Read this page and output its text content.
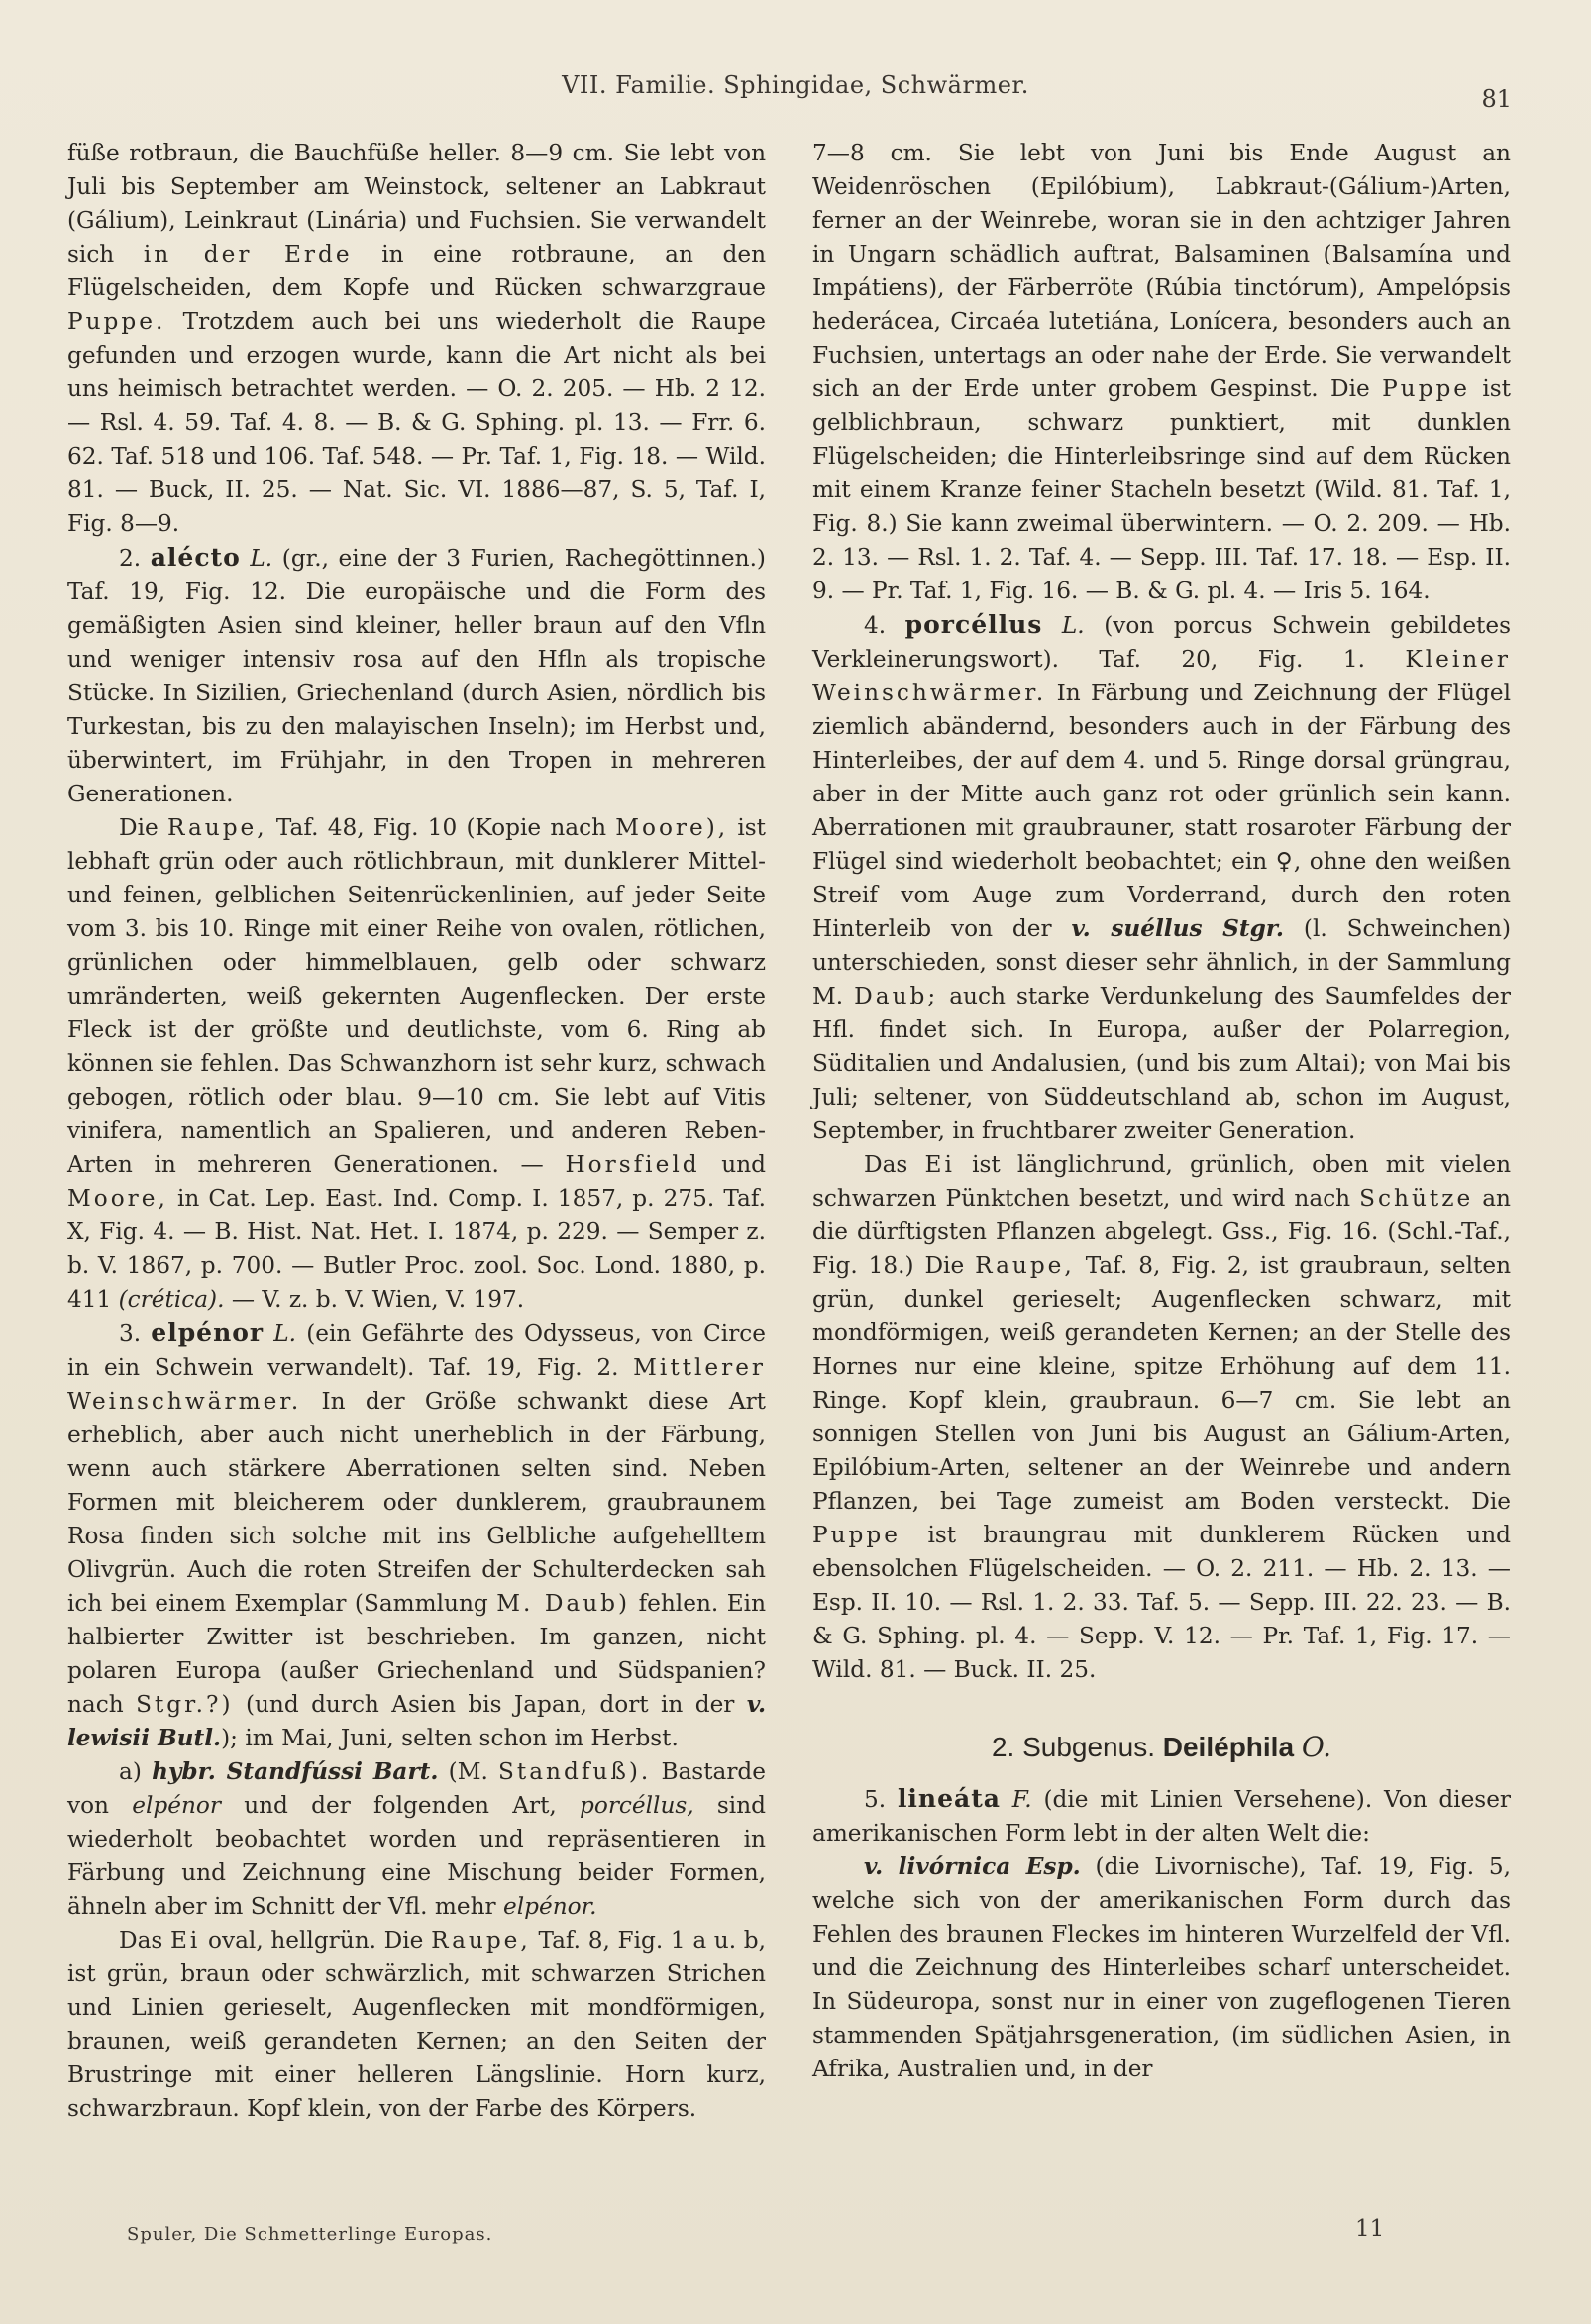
VII. Familie. Sphingidae, Schwärmer.	81

füße rotbraun, die Bauchfüße heller. 8—9 cm. Sie lebt von Juli bis September am Weinstock, seltener an Labkraut (Gálium), Leinkraut (Linária) und Fuchsien. Sie verwandelt sich in der Erde in eine rotbraune, an den Flügelscheiden, dem Kopfe und Rücken schwarzgraue Puppe. Trotzdem auch bei uns wiederholt die Raupe gefunden und erzogen wurde, kann die Art nicht als bei uns heimisch betrachtet werden. — O. 2. 205. — Hb. 2 12. — Rsl. 4. 59. Taf. 4. 8. — B. & G. Sphing. pl. 13. — Frr. 6. 62. Taf. 518 und 106. Taf. 548. — Pr. Taf. 1, Fig. 18. — Wild. 81. — Buck, II. 25. — Nat. Sic. VI. 1886—87, S. 5, Taf. I, Fig. 8—9.

2. alécto L. (gr., eine der 3 Furien, Rachegöttinnen.) Taf. 19, Fig. 12. Die europäische und die Form des gemäßigten Asien sind kleiner, heller braun auf den Vfln und weniger intensiv rosa auf den Hfln als tropische Stücke. In Sizilien, Griechenland (durch Asien, nördlich bis Turkestan, bis zu den malayischen Inseln); im Herbst und, überwintert, im Frühjahr, in den Tropen in mehreren Generationen.

Die Raupe, Taf. 48, Fig. 10 (Kopie nach Moore), ist lebhaft grün oder auch rötlichbraun, mit dunklerer Mittel- und feinen, gelblichen Seitenrückenlinien, auf jeder Seite vom 3. bis 10. Ringe mit einer Reihe von ovalen, rötlichen, grünlichen oder himmelblauen, gelb oder schwarz umränderten, weiß gekernten Augenflecken. Der erste Fleck ist der größte und deutlichste, vom 6. Ring ab können sie fehlen. Das Schwanzhorn ist sehr kurz, schwach gebogen, rötlich oder blau. 9—10 cm. Sie lebt auf Vitis vinifera, namentlich an Spalieren, und anderen Reben-Arten in mehreren Generationen. — Horsfield und Moore, in Cat. Lep. East. Ind. Comp. I. 1857, p. 275. Taf. X, Fig. 4. — B. Hist. Nat. Het. I. 1874, p. 229. — Semper z. b. V. 1867, p. 700. — Butler Proc. zool. Soc. Lond. 1880, p. 411 (crética). — V. z. b. V. Wien, V. 197.

3. elpénor L. (ein Gefährte des Odysseus, von Circe in ein Schwein verwandelt). Taf. 19, Fig. 2. Mittlerer Weinschwärmer. In der Größe schwankt diese Art erheblich, aber auch nicht unerheblich in der Färbung, wenn auch stärkere Aberrationen selten sind. Neben Formen mit bleicherem oder dunklerem, graubraunem Rosa finden sich solche mit ins Gelbliche aufgehelltem Olivgrün. Auch die roten Streifen der Schulterdecken sah ich bei einem Exemplar (Sammlung M. Daub) fehlen. Ein halbierter Zwitter ist beschrieben. Im ganzen, nicht polaren Europa (außer Griechenland und Südspanien? nach Stgr.?) (und durch Asien bis Japan, dort in der v. lewisii Butl.); im Mai, Juni, selten schon im Herbst.

a) hybr. Standfússi Bart. (M. Standfuß). Bastarde von elpénor und der folgenden Art, porcéllus, sind wiederholt beobachtet worden und repräsentieren in Färbung und Zeichnung eine Mischung beider Formen, ähneln aber im Schnitt der Vfl. mehr elpénor.

Das Ei oval, hellgrün. Die Raupe, Taf. 8, Fig. 1 a u. b, ist grün, braun oder schwärzlich, mit schwarzen Strichen und Linien gerieselt, Augenflecken mit mondförmigen, braunen, weiß gerandeten Kernen; an den Seiten der Brustringe mit einer helleren Längslinie. Horn kurz, schwarzbraun. Kopf klein, von der Farbe des Körpers.

7—8 cm. Sie lebt von Juni bis Ende August an Weidenröschen (Epilóbium), Labkraut-(Gálium-)Arten, ferner an der Weinrebe, woran sie in den achtziger Jahren in Ungarn schädlich auftrat, Balsaminen (Balsamína und Impátiens), der Färberröte (Rúbia tinctórum), Ampelópsis hederácea, Circaéa lutetiána, Lonícera, besonders auch an Fuchsien, untertags an oder nahe der Erde. Sie verwandelt sich an der Erde unter grobem Gespinst. Die Puppe ist gelblichbraun, schwarz punktiert, mit dunklen Flügelscheiden; die Hinterleibsringe sind auf dem Rücken mit einem Kranze feiner Stacheln besetzt (Wild. 81. Taf. 1, Fig. 8.) Sie kann zweimal überwintern. — O. 2. 209. — Hb. 2. 13. — Rsl. 1. 2. Taf. 4. — Sepp. III. Taf. 17. 18. — Esp. II. 9. — Pr. Taf. 1, Fig. 16. — B. & G. pl. 4. — Iris 5. 164.

4. porcéllus L. (von porcus Schwein gebildetes Verkleinerungswort). Taf. 20, Fig. 1. Kleiner Weinschwärmer. In Färbung und Zeichnung der Flügel ziemlich abändernd, besonders auch in der Färbung des Hinterleibes, der auf dem 4. und 5. Ringe dorsal grüngrau, aber in der Mitte auch ganz rot oder grünlich sein kann. Aberrationen mit graubrauner, statt rosaroter Färbung der Flügel sind wiederholt beobachtet; ein ♀, ohne den weißen Streif vom Auge zum Vorderrand, durch den roten Hinterleib von der v. suéllus Stgr. (l. Schweinchen) unterschieden, sonst dieser sehr ähnlich, in der Sammlung M. Daub; auch starke Verdunkelung des Saumfeldes der Hfl. findet sich. In Europa, außer der Polarregion, Süditalien und Andalusien, (und bis zum Altai); von Mai bis Juli; seltener, von Süddeutschland ab, schon im August, September, in fruchtbarer zweiter Generation.

Das Ei ist länglichrund, grünlich, oben mit vielen schwarzen Pünktchen besetzt, und wird nach Schütze an die dürftigsten Pflanzen abgelegt. Gss., Fig. 16. (Schl.-Taf., Fig. 18.) Die Raupe, Taf. 8, Fig. 2, ist graubraun, selten grün, dunkel gerieselt; Augenflecken schwarz, mit mondförmigen, weiß gerandeten Kernen; an der Stelle des Hornes nur eine kleine, spitze Erhöhung auf dem 11. Ringe. Kopf klein, graubraun. 6—7 cm. Sie lebt an sonnigen Stellen von Juni bis August an Gálium-Arten, Epilóbium-Arten, seltener an der Weinrebe und andern Pflanzen, bei Tage zumeist am Boden versteckt. Die Puppe ist braungrau mit dunklerem Rücken und ebensolchen Flügelscheiden. — O. 2. 211. — Hb. 2. 13. — Esp. II. 10. — Rsl. 1. 2. 33. Taf. 5. — Sepp. III. 22. 23. — B. & G. Sphing. pl. 4. — Sepp. V. 12. — Pr. Taf. 1, Fig. 17. — Wild. 81. — Buck. II. 25.

2. Subgenus. Deiléphila O.

5. lineáta F. (die mit Linien Versehene). Von dieser amerikanischen Form lebt in der alten Welt die:

v. livórnica Esp. (die Livornische), Taf. 19, Fig. 5, welche sich von der amerikanischen Form durch das Fehlen des braunen Fleckes im hinteren Wurzelfeld der Vfl. und die Zeichnung des Hinterleibes scharf unterscheidet. In Südeuropa, sonst nur in einer von zugeflogenen Tieren stammenden Spätjahrsgeneration, (im südlichen Asien, in Afrika, Australien und, in der

Spuler, Die Schmetterlinge Europas.	11
